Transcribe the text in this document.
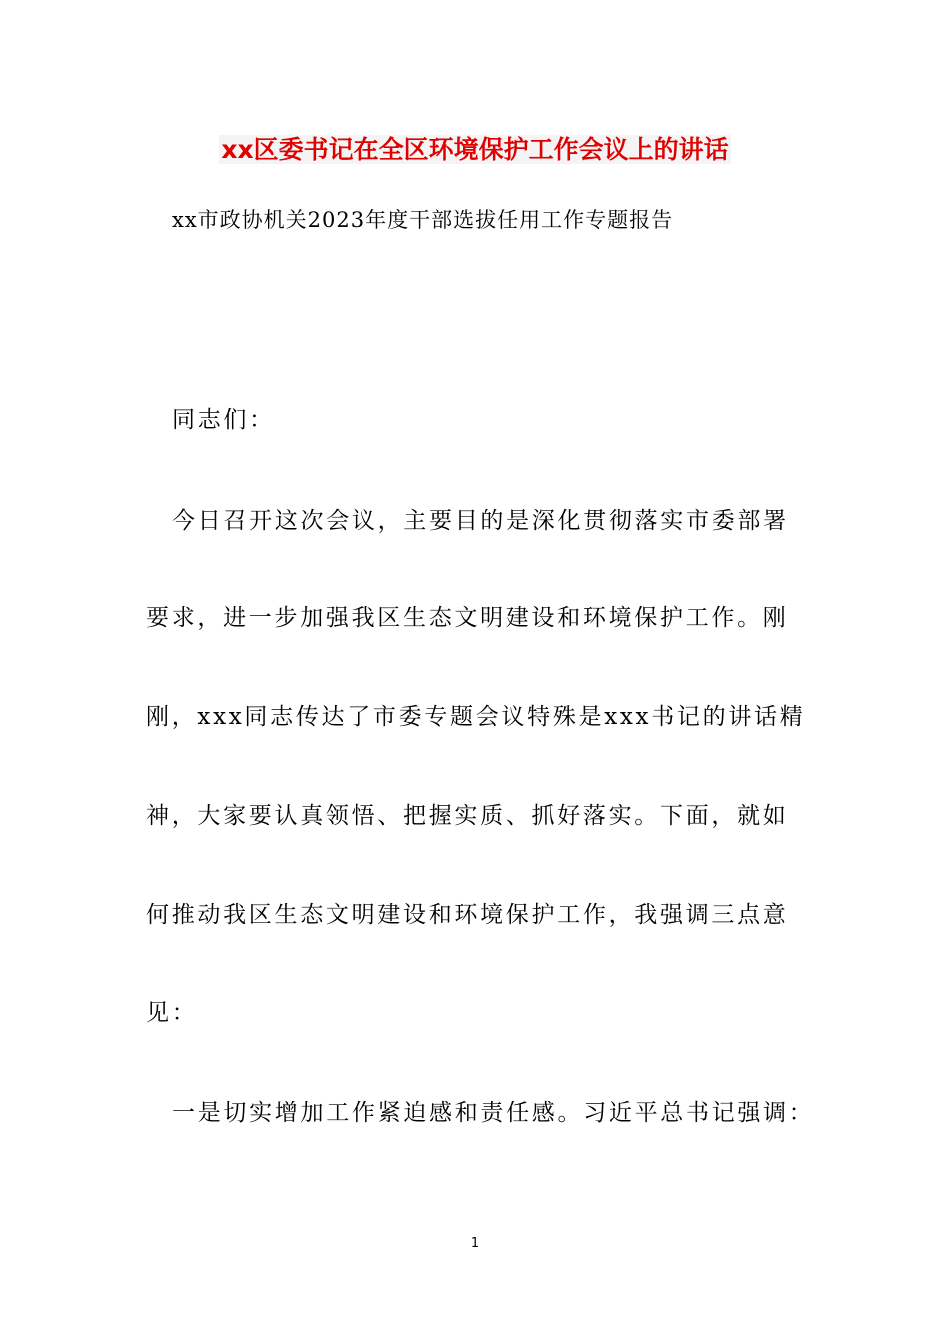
xx区委书记在全区环境保护工作会议上的讲话
xx市政协机关2023年度干部选拔任用工作专题报告
同志们：
今日召开这次会议，主要目的是深化贯彻落实市委部署
要求，进一步加强我区生态文明建设和环境保护工作。刚
刚，xxx同志传达了市委专题会议特殊是xxx书记的讲话精
神，大家要认真领悟、把握实质、抓好落实。下面，就如
何推动我区生态文明建设和环境保护工作，我强调三点意
见：
一是切实增加工作紧迫感和责任感。习近平总书记强调：
1
